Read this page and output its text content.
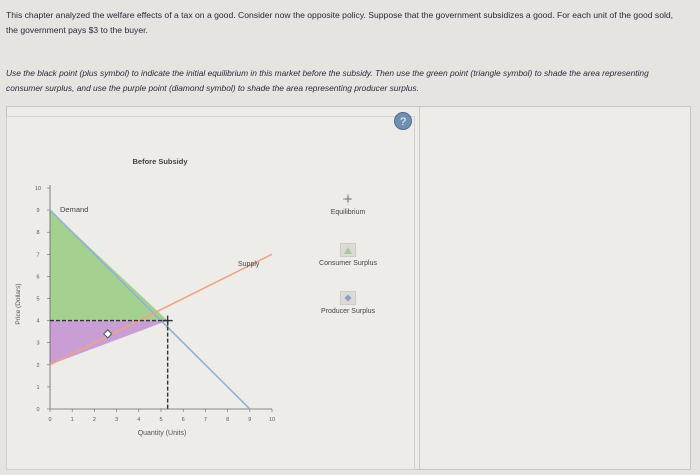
This chapter analyzed the welfare effects of a tax on a good. Consider now the opposite policy. Suppose that the government subsidizes a good. For each unit of the good sold, the government pays $3 to the buyer.
Use the black point (plus symbol) to indicate the initial equilibrium in this market before the subsidy. Then use the green point (triangle symbol) to shade the area representing consumer surplus, and use the purple point (diamond symbol) to shade the area representing producer surplus.
?
Before Subsidy
0	1	2	3	4	5	6	7	8	9	10
0
1
2
3
4
5
6
7
8
9
10
Demand
Supply
Quantity (Units)
Price (Dollars)
Equilibrium
Consumer Surplus
Producer Surplus
